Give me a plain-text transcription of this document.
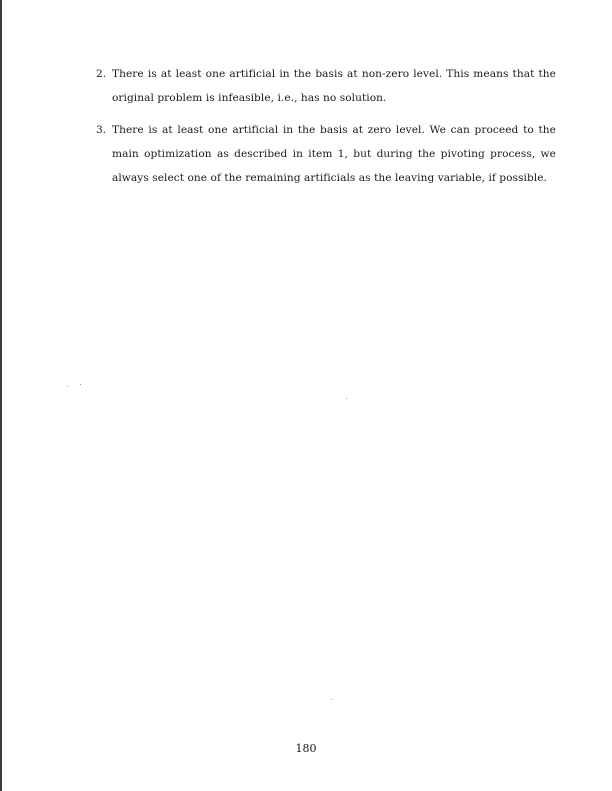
2. There is at least one artificial in the basis at non-zero level. This means that the original problem is infeasible, i.e., has no solution.
3. There is at least one artificial in the basis at zero level. We can proceed to the main optimization as described in item 1, but during the pivoting process, we always select one of the remaining artificials as the leaving variable, if possible.
180
